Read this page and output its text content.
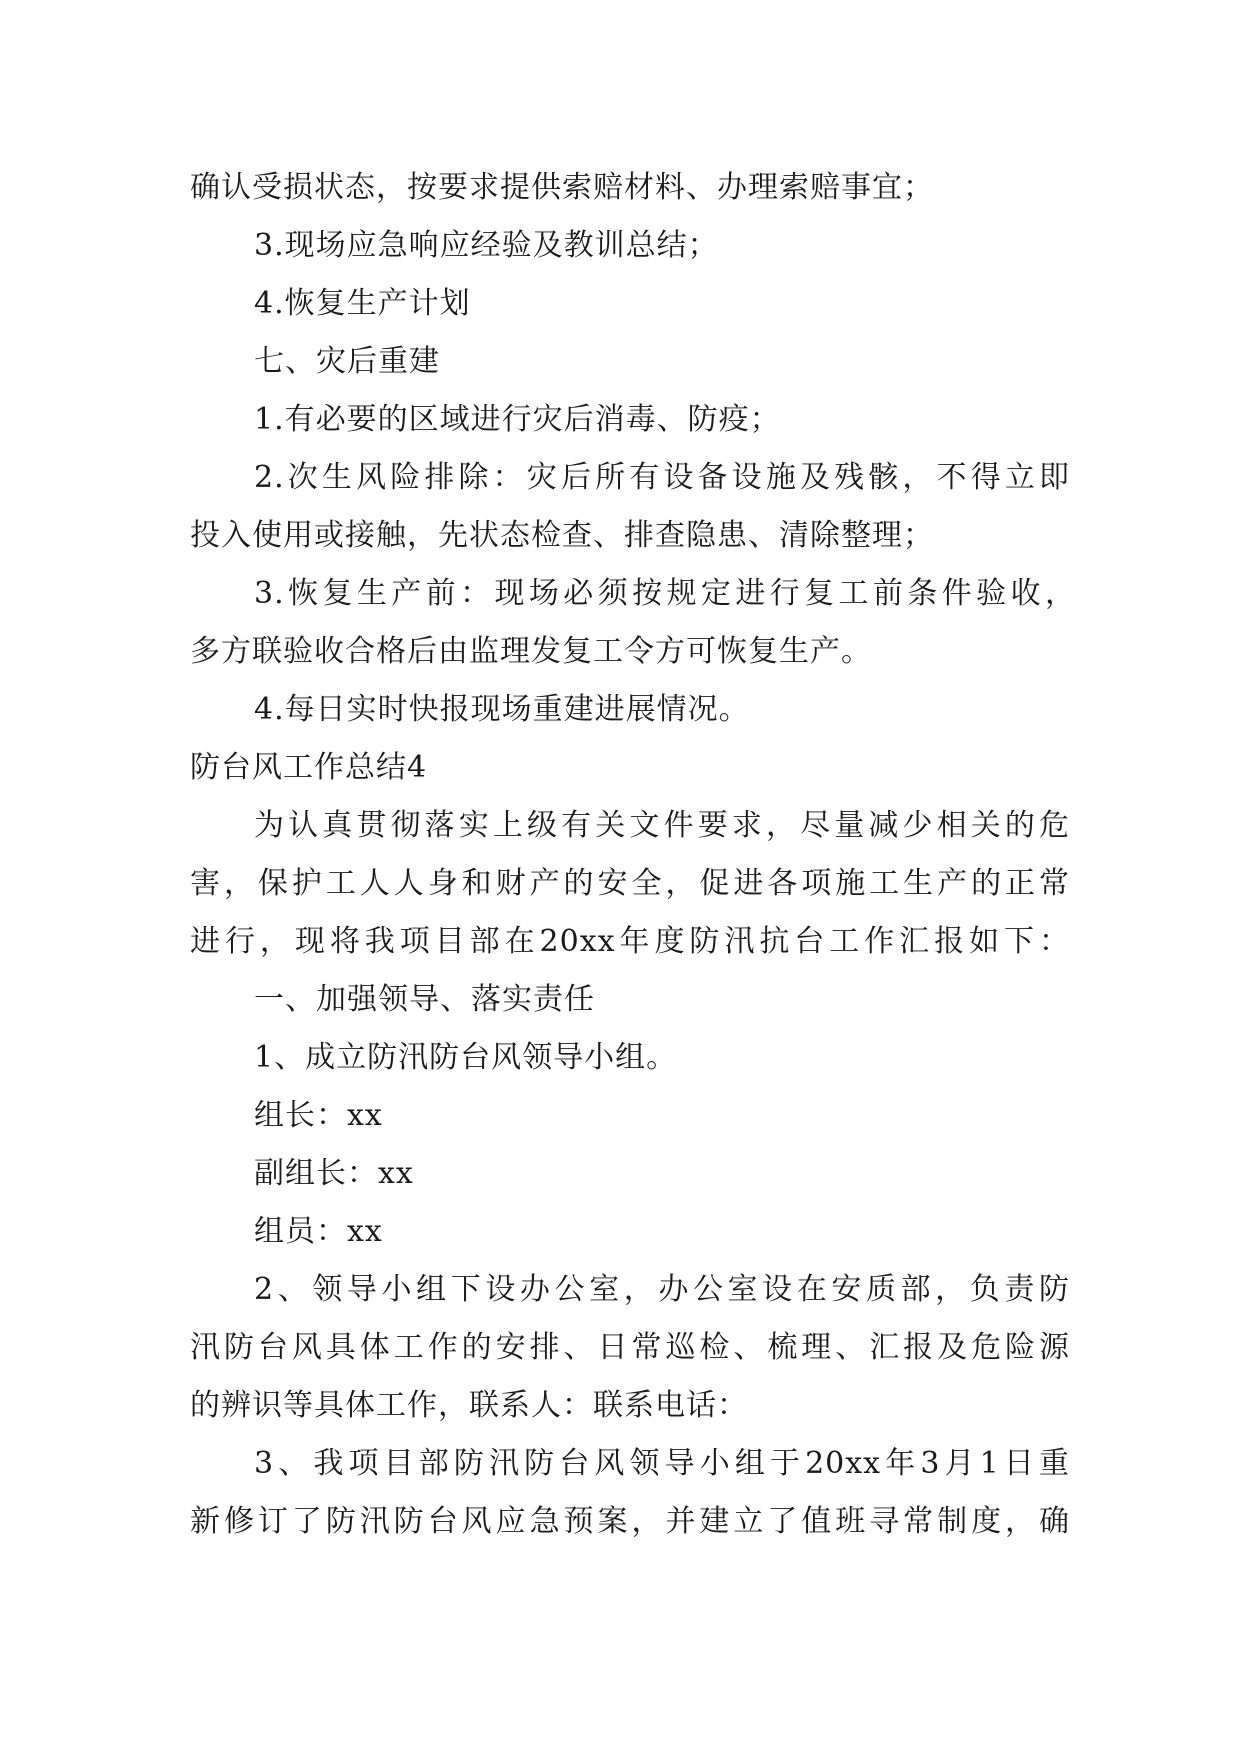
确认受损状态，按要求提供索赔材料、办理索赔事宜；
3.现场应急响应经验及教训总结；
4.恢复生产计划
七、灾后重建
1.有必要的区域进行灾后消毒、防疫；
2.次生风险排除：灾后所有设备设施及残骸，不得立即
投入使用或接触，先状态检查、排查隐患、清除整理；
3.恢复生产前：现场必须按规定进行复工前条件验收，
多方联验收合格后由监理发复工令方可恢复生产。
4.每日实时快报现场重建进展情况。
防台风工作总结4
为认真贯彻落实上级有关文件要求，尽量减少相关的危
害，保护工人人身和财产的安全，促进各项施工生产的正常
进行，现将我项目部在20xx年度防汛抗台工作汇报如下：
一、加强领导、落实责任
1、成立防汛防台风领导小组。
组长：xx
副组长：xx
组员：xx
2、领导小组下设办公室，办公室设在安质部，负责防
汛防台风具体工作的安排、日常巡检、梳理、汇报及危险源
的辨识等具体工作，联系人：联系电话：
3、我项目部防汛防台风领导小组于20xx年3月1日重
新修订了防汛防台风应急预案，并建立了值班寻常制度，确
